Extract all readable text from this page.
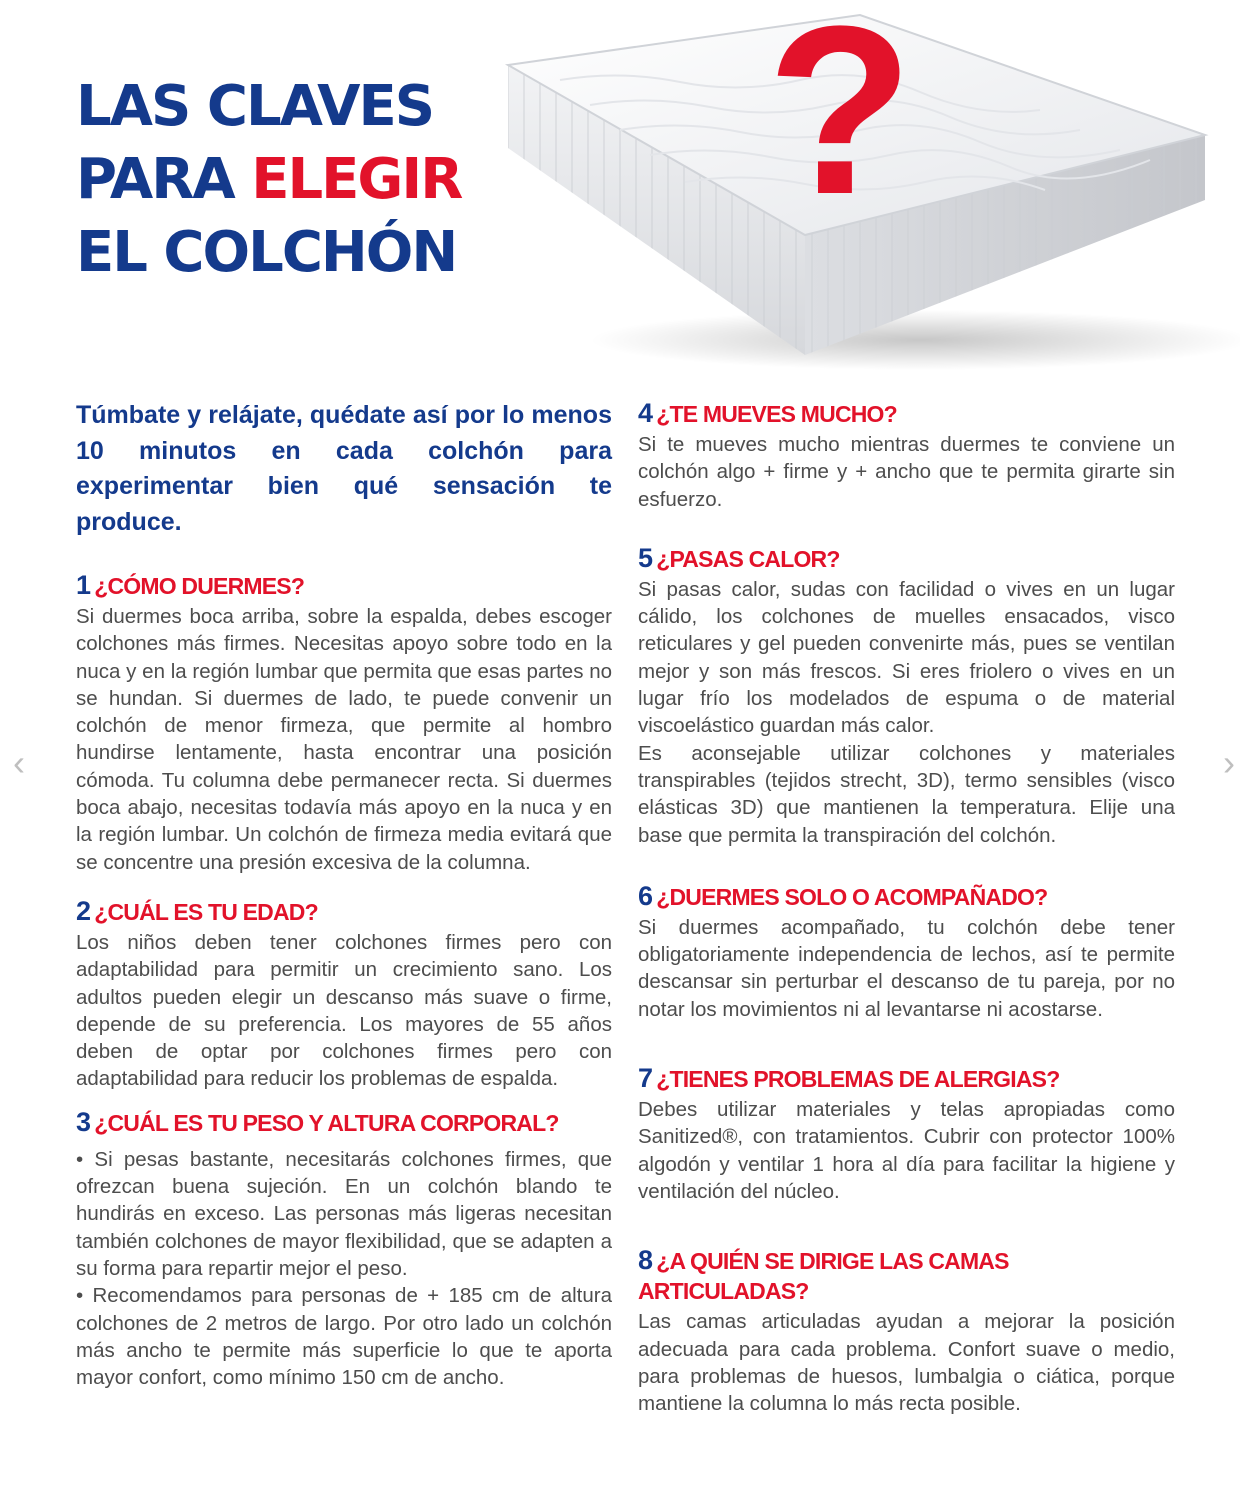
LAS CLAVES
PARA ELEGIR
EL COLCHÓN
?

Túmbate y relájate, quédate así por lo menos 10 minutos en cada colchón para experimentar bien qué sensación te produce.

1 ¿CÓMO DUERMES?

Si duermes boca arriba, sobre la espalda, debes escoger colchones más firmes. Necesitas apoyo sobre todo en la nuca y en la región lumbar que permita que esas partes no se hundan. Si duermes de lado, te puede convenir un colchón de menor firmeza, que permite al hombro hundirse lentamente, hasta encontrar una posición cómoda. Tu columna debe permanecer recta. Si duermes boca abajo, necesitas todavía más apoyo en la nuca y en la región lumbar. Un colchón de firmeza media evitará que se concentre una presión excesiva de la columna.

2 ¿CUÁL ES TU EDAD?

Los niños deben tener colchones firmes pero con adaptabilidad para permitir un crecimiento sano. Los adultos pueden elegir un descanso más suave o firme, depende de su preferencia. Los mayores de 55 años deben de optar por colchones firmes pero con adaptabilidad para reducir los problemas de espalda.

3 ¿CUÁL ES TU PESO Y ALTURA CORPORAL?

• Si pesas bastante, necesitarás colchones firmes, que ofrezcan buena sujeción. En un colchón blando te hundirás en exceso. Las personas más ligeras necesitan también colchones de mayor flexibilidad, que se adapten a su forma para repartir mejor el peso.

• Recomendamos para personas de + 185 cm de altura colchones de 2 metros de largo. Por otro lado un colchón más ancho te permite más superficie lo que te aporta mayor confort, como mínimo 150 cm de ancho.

4 ¿TE MUEVES MUCHO?

Si te mueves mucho mientras duermes te conviene un colchón algo + firme y + ancho que te permita girarte sin esfuerzo.

5 ¿PASAS CALOR?

Si pasas calor, sudas con facilidad o vives en un lugar cálido, los colchones de muelles ensacados, visco reticulares y gel pueden convenirte más, pues se ventilan mejor y son más frescos. Si eres friolero o vives en un lugar frío los modelados de espuma o de material viscoelástico guardan más calor.

Es aconsejable utilizar colchones y materiales transpirables (tejidos strecht, 3D), termo sensibles (visco elásticas 3D) que mantienen la temperatura. Elije una base que permita la transpiración del colchón.

6 ¿DUERMES SOLO O ACOMPAÑADO?

Si duermes acompañado, tu colchón debe tener obligatoriamente independencia de lechos, así te permite descansar sin perturbar el descanso de tu pareja, por no notar los movimientos ni al levantarse ni acostarse.

7 ¿TIENES PROBLEMAS DE ALERGIAS?

Debes utilizar materiales y telas apropiadas como Sanitized®, con tratamientos. Cubrir con protector 100% algodón y ventilar 1 hora al día para facilitar la higiene y ventilación del núcleo.

8 ¿A QUIÉN SE DIRIGE LAS CAMAS ARTICULADAS?

Las camas articuladas ayudan a mejorar la posición adecuada para cada problema. Confort suave o medio, para problemas de huesos, lumbalgia o ciática, porque mantiene la columna lo más recta posible.

‹	›
